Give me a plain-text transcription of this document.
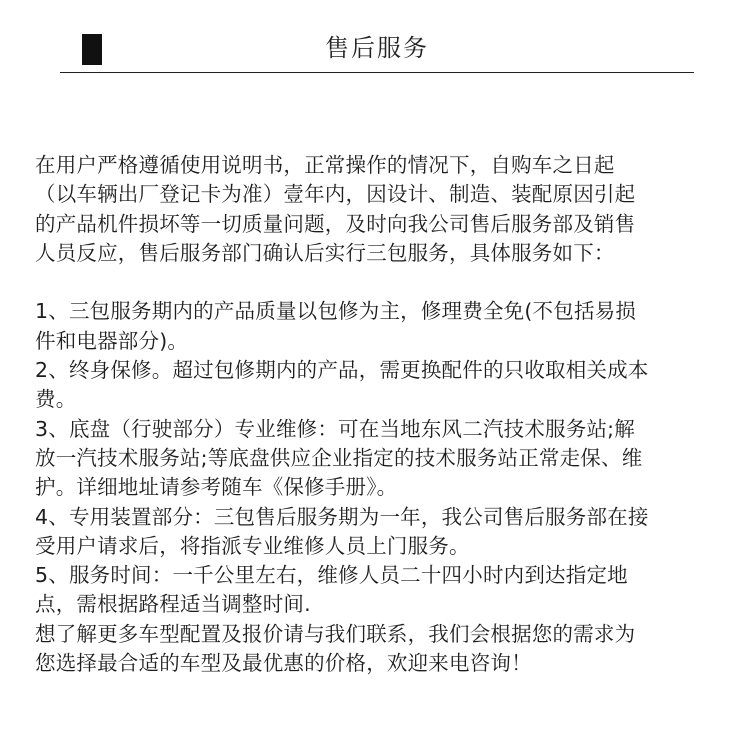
售后服务

在用户严格遵循使用说明书，正常操作的情况下，自购车之日起
（以车辆出厂登记卡为准）壹年内，因设计、制造、装配原因引起
的产品机件损坏等一切质量问题，及时向我公司售后服务部及销售
人员反应，售后服务部门确认后实行三包服务，具体服务如下：

1、三包服务期内的产品质量以包修为主，修理费全免(不包括易损
件和电器部分)。

2、终身保修。超过包修期内的产品，需更换配件的只收取相关成本
费。

3、底盘（行驶部分）专业维修：可在当地东风二汽技术服务站;解
放一汽技术服务站;等底盘供应企业指定的技术服务站正常走保、维
护。详细地址请参考随车《保修手册》。

4、专用装置部分：三包售后服务期为一年，我公司售后服务部在接
受用户请求后，将指派专业维修人员上门服务。

5、服务时间：一千公里左右，维修人员二十四小时内到达指定地
点，需根据路程适当调整时间.

想了解更多车型配置及报价请与我们联系，我们会根据您的需求为
您选择最合适的车型及最优惠的价格，欢迎来电咨询！
